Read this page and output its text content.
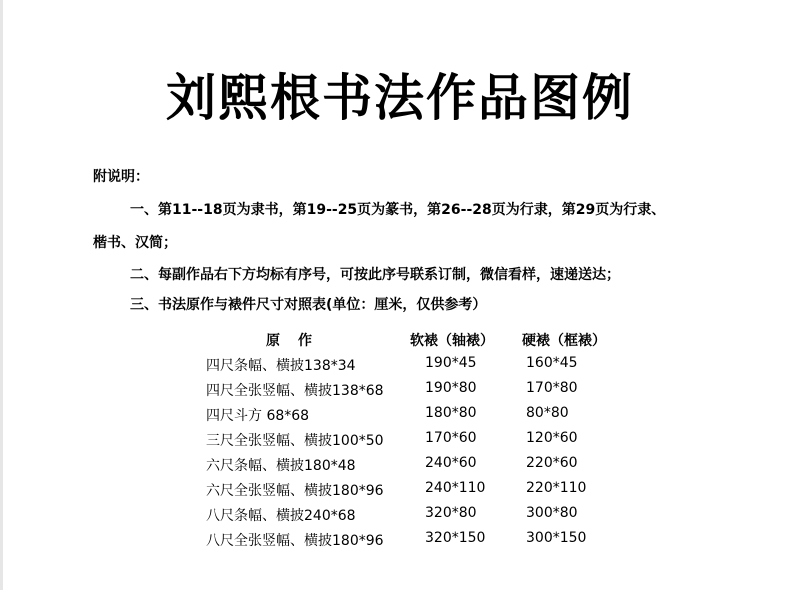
刘熙根书法作品图例
附说明：
一、第11--18页为隶书，第19--25页为篆书，第26--28页为行隶，第29页为行隶、
楷书、汉简；
二、每副作品右下方均标有序号，可按此序号联系订制，微信看样，速递送达；
三、书法原作与裱件尺寸对照表(单位：厘米，仅供参考）
原作	软裱（轴裱） 硬裱（框裱）
四尺条幅、横披138*34	190*45	160*45
四尺全张竖幅、横披138*68	190*80	170*80
四尺斗方 68*68	180*80	80*80
三尺全张竖幅、横披100*50	170*60	120*60
六尺条幅、横披180*48	240*60	220*60
六尺全张竖幅、横披180*96	240*110	220*110
八尺条幅、横披240*68	320*80	300*80
八尺全张竖幅、横披180*96	320*150	300*150
